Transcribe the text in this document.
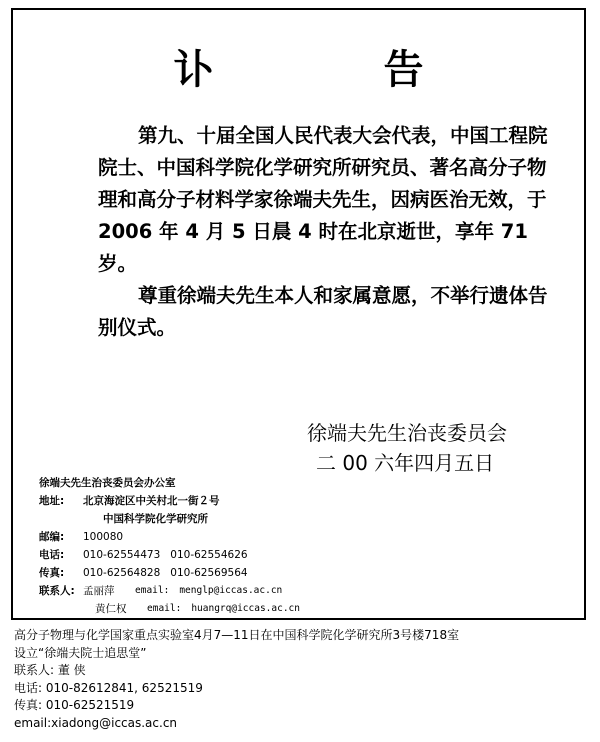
讣 告

第九、十届全国人民代表大会代表，中国工程院院士、中国科学院化学研究所研究员、著名高分子物理和高分子材料学家徐端夫先生，因病医治无效，于 2006 年 4 月 5 日晨 4 时在北京逝世，享年 71 岁。

尊重徐端夫先生本人和家属意愿，不举行遗体告别仪式。

徐端夫先生治丧委员会
二 00 六年四月五日
徐端夫先生治丧委员会办公室
地址:	北京海淀区中关村北一街２号
中国科学院化学研究所
邮编:	100080
电话:	010-62554473 010-62554626
传真:	010-62564828 010-62569564
联系人: 孟丽萍	email: menglp@iccas.ac.cn
黄仁权	email: huangrq@iccas.ac.cn
高分子物理与化学国家重点实验室4月7—11日在中国科学院化学研究所3号楼718室
设立“徐端夫院士追思堂”
联系人: 董 侠
电话: 010-82612841, 62521519
传真: 010-62521519
email:xiadong@iccas.ac.cn
